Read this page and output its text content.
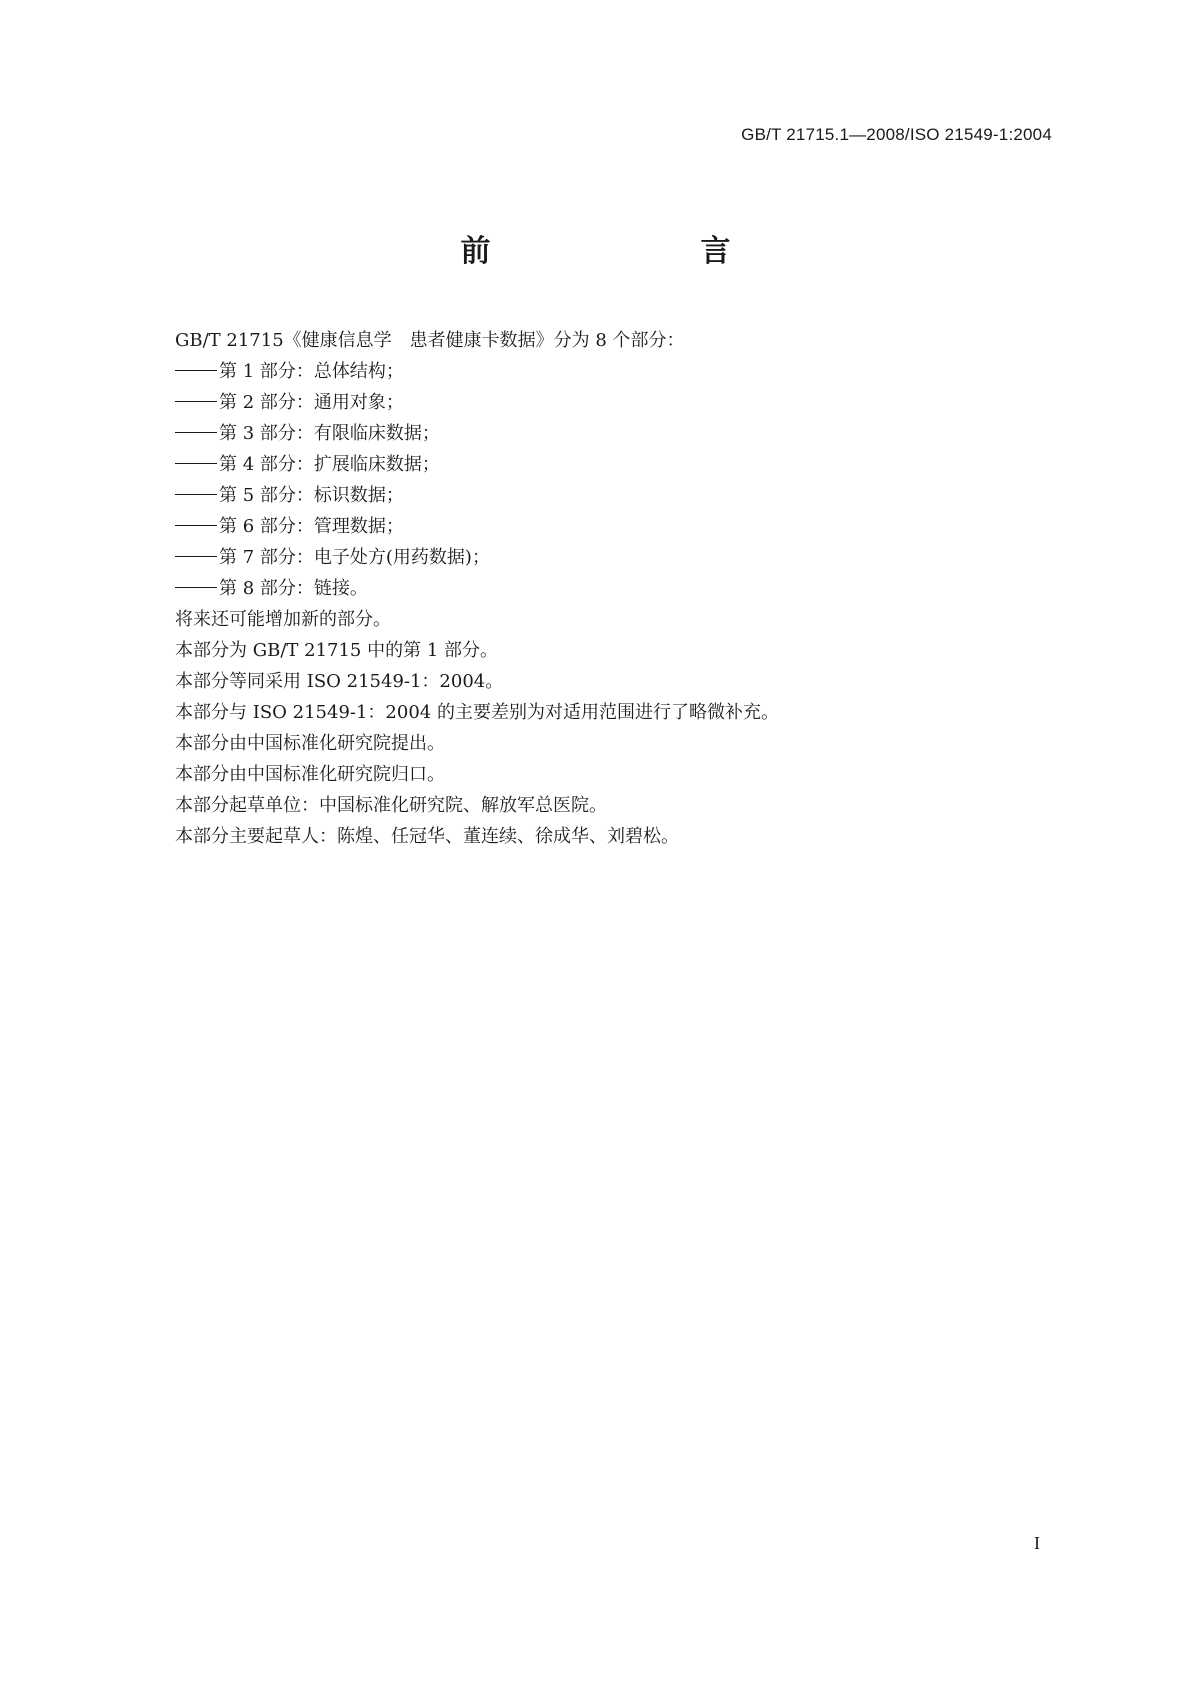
GB/T 21715.1—2008/ISO 21549-1:2004
前　　言
GB/T 21715《健康信息学　患者健康卡数据》分为 8 个部分：
第 1 部分：总体结构；
第 2 部分：通用对象；
第 3 部分：有限临床数据；
第 4 部分：扩展临床数据；
第 5 部分：标识数据；
第 6 部分：管理数据；
第 7 部分：电子处方(用药数据)；
第 8 部分：链接。
将来还可能增加新的部分。
本部分为 GB/T 21715 中的第 1 部分。
本部分等同采用 ISO 21549-1：2004。
本部分与 ISO 21549-1：2004 的主要差别为对适用范围进行了略微补充。
本部分由中国标准化研究院提出。
本部分由中国标准化研究院归口。
本部分起草单位：中国标准化研究院、解放军总医院。
本部分主要起草人：陈煌、任冠华、董连续、徐成华、刘碧松。
I
